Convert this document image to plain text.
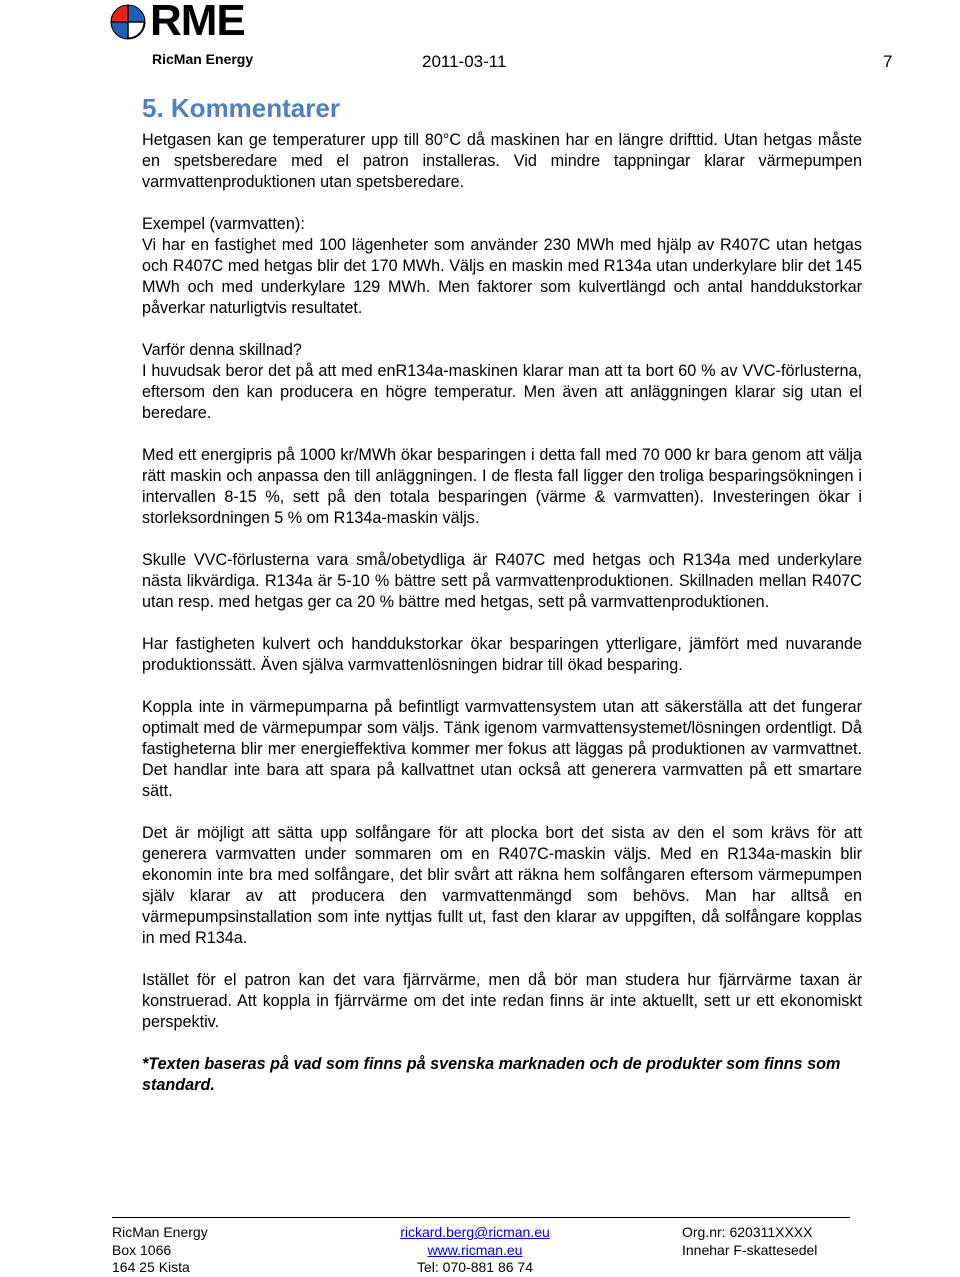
RME
RicMan Energy	2011-03-11	7
5. Kommentarer

Hetgasen kan ge temperaturer upp till 80°C då maskinen har en längre drifttid. Utan hetgas måste en spetsberedare med el patron installeras. Vid mindre tappningar klarar värmepumpen varmvattenproduktionen utan spetsberedare.

Exempel (varmvatten):

Vi har en fastighet med 100 lägenheter som använder 230 MWh med hjälp av R407C utan hetgas och R407C med hetgas blir det 170 MWh. Väljs en maskin med R134a utan underkylare blir det 145 MWh och med underkylare 129 MWh. Men faktorer som kulvertlängd och antal handdukstorkar påverkar naturligtvis resultatet.

Varför denna skillnad?

I huvudsak beror det på att med enR134a-maskinen klarar man att ta bort 60 % av VVC-förlusterna, eftersom den kan producera en högre temperatur. Men även att anläggningen klarar sig utan el beredare.

Med ett energipris på 1000 kr/MWh ökar besparingen i detta fall med 70 000 kr bara genom att välja rätt maskin och anpassa den till anläggningen. I de flesta fall ligger den troliga besparingsökningen i intervallen 8-15 %, sett på den totala besparingen (värme & varmvatten). Investeringen ökar i storleksordningen 5 % om R134a-maskin väljs.

Skulle VVC-förlusterna vara små/obetydliga är R407C med hetgas och R134a med underkylare nästa likvärdiga. R134a är 5-10 % bättre sett på varmvattenproduktionen. Skillnaden mellan R407C utan resp. med hetgas ger ca 20 % bättre med hetgas, sett på varmvattenproduktionen.

Har fastigheten kulvert och handdukstorkar ökar besparingen ytterligare, jämfört med nuvarande produktionssätt. Även själva varmvattenlösningen bidrar till ökad besparing.

Koppla inte in värmepumparna på befintligt varmvattensystem utan att säkerställa att det fungerar optimalt med de värmepumpar som väljs. Tänk igenom varmvattensystemet/lösningen ordentligt. Då fastigheterna blir mer energieffektiva kommer mer fokus att läggas på produktionen av varmvattnet. Det handlar inte bara att spara på kallvattnet utan också att generera varmvatten på ett smartare sätt.

Det är möjligt att sätta upp solfångare för att plocka bort det sista av den el som krävs för att generera varmvatten under sommaren om en R407C-maskin väljs. Med en R134a-maskin blir ekonomin inte bra med solfångare, det blir svårt att räkna hem solfångaren eftersom värmepumpen själv klarar av att producera den varmvattenmängd som behövs. Man har alltså en värmepumpsinstallation som inte nyttjas fullt ut, fast den klarar av uppgiften, då solfångare kopplas in med R134a.

Istället för el patron kan det vara fjärrvärme, men då bör man studera hur fjärrvärme taxan är konstruerad. Att koppla in fjärrvärme om det inte redan finns är inte aktuellt, sett ur ett ekonomiskt perspektiv.

*Texten baseras på vad som finns på svenska marknaden och de produkter som finns som standard.

RicMan Energy
Box 1066
164 25 Kista
rickard.berg@ricman.eu
www.ricman.eu
Tel: 070-881 86 74
Org.nr: 620311XXXX
Innehar F-skattesedel
